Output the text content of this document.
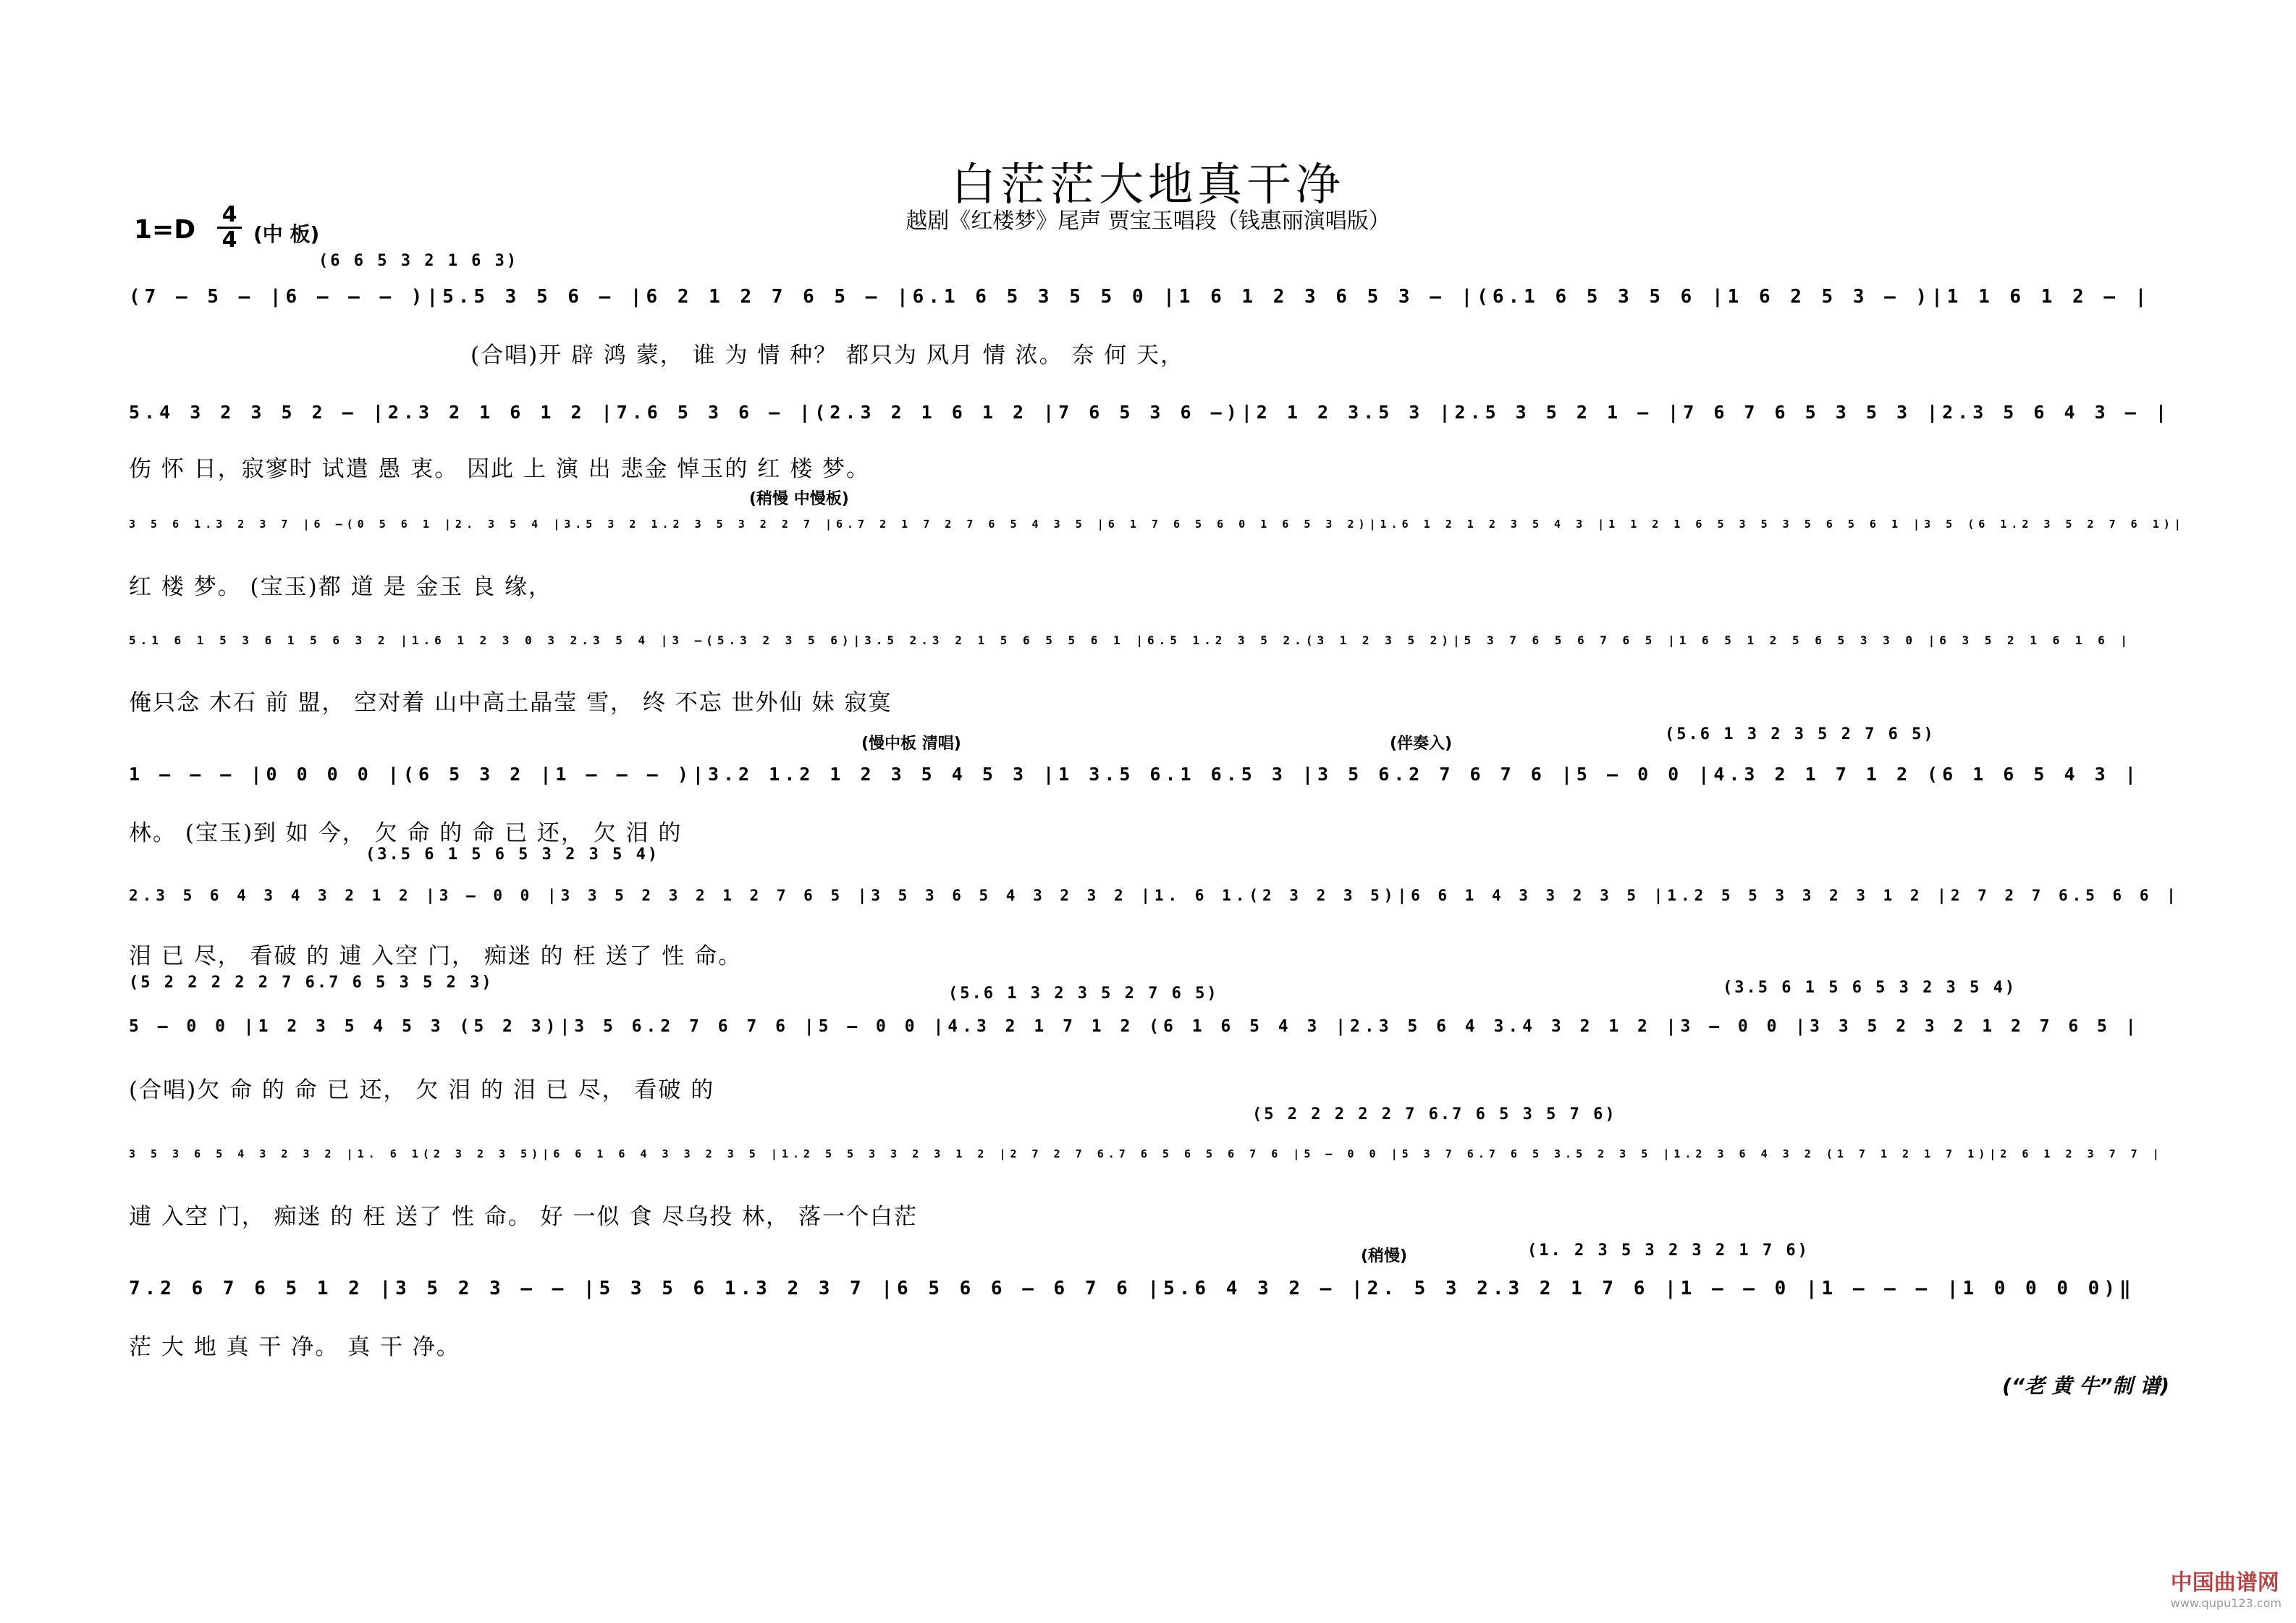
白茫茫大地真干净
越剧《红楼梦》尾声 贾宝玉唱段（钱惠丽演唱版）
1=D
4
4 (中 板)
(6 6 5 3 2 1 6 3)
(7 – 5 – |6 – – – )|5.5 3 5 6 – |6 2 1 2 7 6 5 – |6.1 6 5 3 5 5 0 |1 6 1 2 3 6 5 3 – |(6.1 6 5 3 5 6 |1 6 2 5 3 – )|1 1 6 1 2 – |
(合唱)开 辟 鸿 蒙， 谁 为 情 种？ 都只为 风月 情 浓。 奈 何 天，
5.4 3 2 3 5 2 – |2.3 2 1 6 1 2 |7.6 5 3 6 – |(2.3 2 1 6 1 2 |7 6 5 3 6 –)|2 1 2 3.5 3 |2.5 3 5 2 1 – |7 6 7 6 5 3 5 3 |2.3 5 6 4 3 – |
伤 怀 日，寂寥时 试遣 愚 衷。 因此 上 演 出 悲金 悼玉的 红 楼 梦。
(稍慢 中慢板)
3 5 6 1.3 2 3 7 |6 –(0 5 6 1 |2. 3 5 4 |3.5 3 2 1.2 3 5 3 2 2 7 |6.7 2 1 7 2 7 6 5 4 3 5 |6 1 7 6 5 6 0 1 6 5 3 2)|1.6 1 2 1 2 3 5 4 3 |1 1 2 1 6 5 3 5 3 5 6 5 6 1 |3 5 (6 1.2 3 5 2 7 6 1)|
红 楼 梦。 (宝玉)都 道 是 金玉 良 缘，
5.1 6 1 5 3 6 1 5 6 3 2 |1.6 1 2 3 0 3 2.3 5 4 |3 –(5.3 2 3 5 6)|3.5 2.3 2 1 5 6 5 5 6 1 |6.5 1.2 3 5 2.(3 1 2 3 5 2)|5 3 7 6 5 6 7 6 5 |1 6 5 1 2 5 6 5 3 3 0 |6 3 5 2 1 6 1 6 |
俺只念 木石 前 盟， 空对着 山中高土晶莹 雪， 终 不忘 世外仙 妹 寂寞
(慢中板 清唱)	(伴奏入)
(5.6 1 3 2 3 5 2 7 6 5)
1 – – – |0 0 0 0 |(6 5 3 2 |1 – – – )|3.2 1.2 1 2 3 5 4 5 3 |1 3.5 6.1 6.5 3 |3 5 6.2 7 6 7 6 |5 – 0 0 |4.3 2 1 7 1 2 (6 1 6 5 4 3 |
林。 (宝玉)到 如 今， 欠 命 的 命 已 还， 欠 泪 的
(3.5 6 1 5 6 5 3 2 3 5 4)
2.3 5 6 4 3 4 3 2 1 2 |3 – 0 0 |3 3 5 2 3 2 1 2 7 6 5 |3 5 3 6 5 4 3 2 3 2 |1. 6 1.(2 3 2 3 5)|6 6 1 4 3 3 2 3 5 |1.2 5 5 3 3 2 3 1 2 |2 7 2 7 6.5 6 6 |
泪 已 尽， 看破 的 逋 入空 门， 痴迷 的 枉 送了 性 命。
(5 2 2 2 2 2 7 6.7 6 5 3 5 2 3)
(5.6 1 3 2 3 5 2 7 6 5)	(3.5 6 1 5 6 5 3 2 3 5 4)
5 – 0 0 |1 2 3 5 4 5 3 (5 2 3)|3 5 6.2 7 6 7 6 |5 – 0 0 |4.3 2 1 7 1 2 (6 1 6 5 4 3 |2.3 5 6 4 3.4 3 2 1 2 |3 – 0 0 |3 3 5 2 3 2 1 2 7 6 5 |
(合唱)欠 命 的 命 已 还， 欠 泪 的 泪 已 尽， 看破 的
(5 2 2 2 2 2 7 6.7 6 5 3 5 7 6)
3 5 3 6 5 4 3 2 3 2 |1. 6 1(2 3 2 3 5)|6 6 1 6 4 3 3 2 3 5 |1.2 5 5 3 3 2 3 1 2 |2 7 2 7 6.7 6 5 6 5 6 7 6 |5 – 0 0 |5 3 7 6.7 6 5 3.5 2 3 5 |1.2 3 6 4 3 2 (1 7 1 2 1 7 1)|2 6 1 2 3 7 7 |
逋 入空 门， 痴迷 的 枉 送了 性 命。 好 一似 食 尽乌投 林， 落一个白茫
(稍慢)	(1. 2 3 5 3 2 3 2 1 7 6)
7.2 6 7 6 5 1 2 |3 5 2 3 – – |5 3 5 6 1.3 2 3 7 |6 5 6 6 – 6 7 6 |5.6 4 3 2 – |2. 5 3 2.3 2 1 7 6 |1 – – 0 |1 – – – |1 0 0 0 0)‖
茫 大 地 真 干 净。 真 干 净。
(“老 黄 牛”制 谱)
中国曲谱网
www.qupu123.com
